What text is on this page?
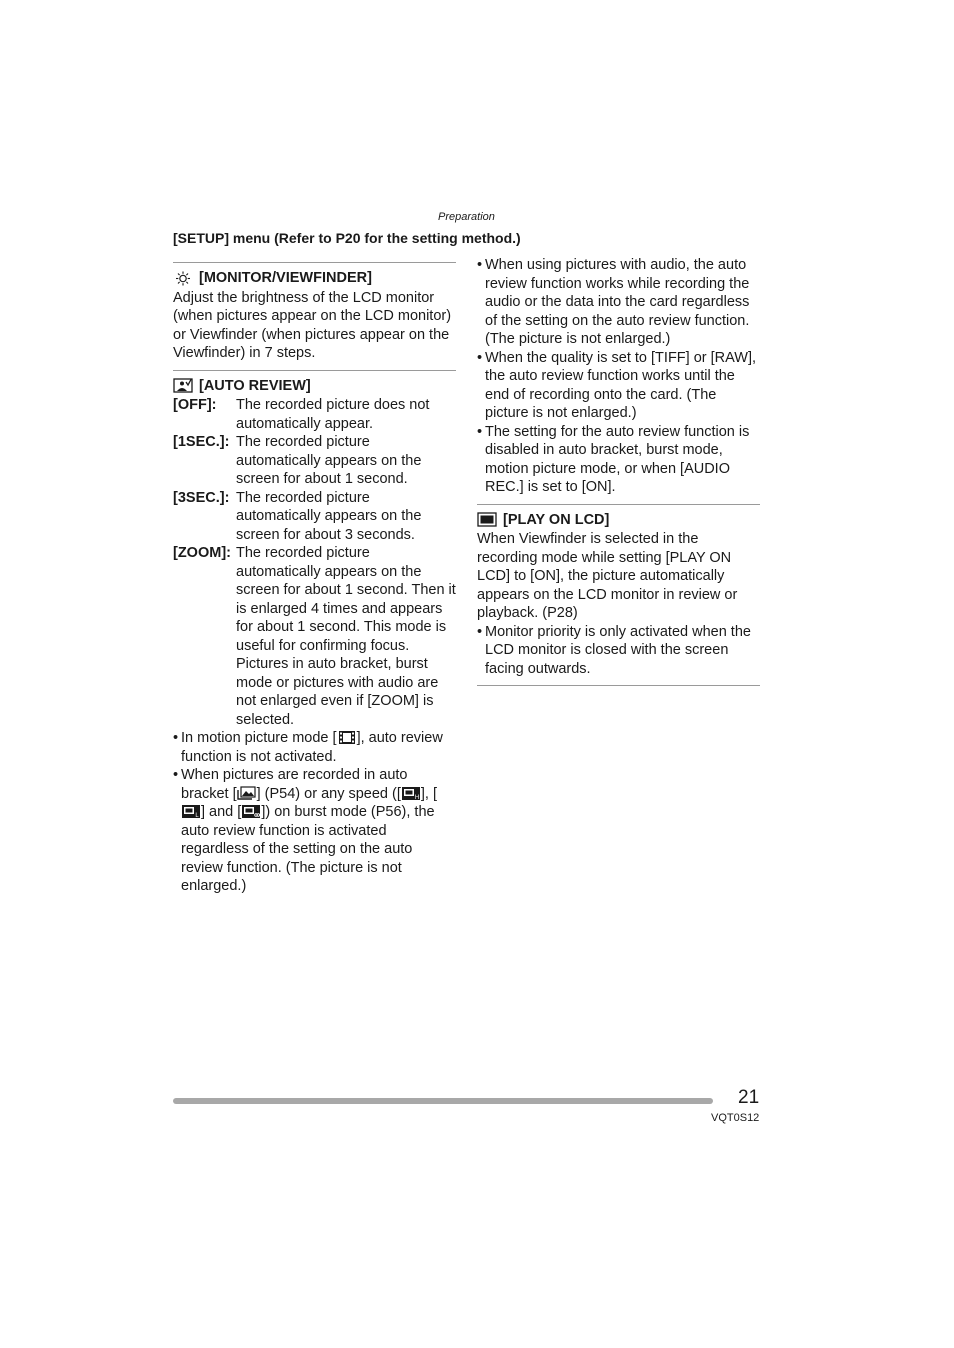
Preparation
[SETUP] menu (Refer to P20 for the setting method.)
[MONITOR/VIEWFINDER]
Adjust the brightness of the LCD monitor (when pictures appear on the LCD monitor) or Viewfinder (when pictures appear on the Viewfinder) in 7 steps.
[AUTO REVIEW]
[OFF]:	The recorded picture does not automatically appear.
[1SEC.]: The recorded picture automatically appears on the screen for about 1 second.
[3SEC.]: The recorded picture automatically appears on the screen for about 3 seconds.
[ZOOM]: The recorded picture automatically appears on the screen for about 1 second. Then it is enlarged 4 times and appears for about 1 second. This mode is useful for confirming focus. Pictures in auto bracket, burst mode or pictures with audio are not enlarged even if [ZOOM] is selected.
• In motion picture mode [ ], auto review function is not activated.
• When pictures are recorded in auto bracket [ ] (P54) or any speed ([ H ], [
L ] and [ ]) on burst mode (P56), the auto review function is activated regardless of the setting on the auto review function. (The picture is not enlarged.)
• When using pictures with audio, the auto review function works while recording the audio or the data into the card regardless of the setting on the auto review function. (The picture is not enlarged.)
• When the quality is set to [TIFF] or [RAW], the auto review function works until the end of recording onto the card. (The picture is not enlarged.)
• The setting for the auto review function is disabled in auto bracket, burst mode, motion picture mode, or when [AUDIO REC.] is set to [ON].
[PLAY ON LCD]
When Viewfinder is selected in the recording mode while setting [PLAY ON LCD] to [ON], the picture automatically appears on the LCD monitor in review or playback. (P28)
• Monitor priority is only activated when the LCD monitor is closed with the screen facing outwards.
21
VQT0S12
